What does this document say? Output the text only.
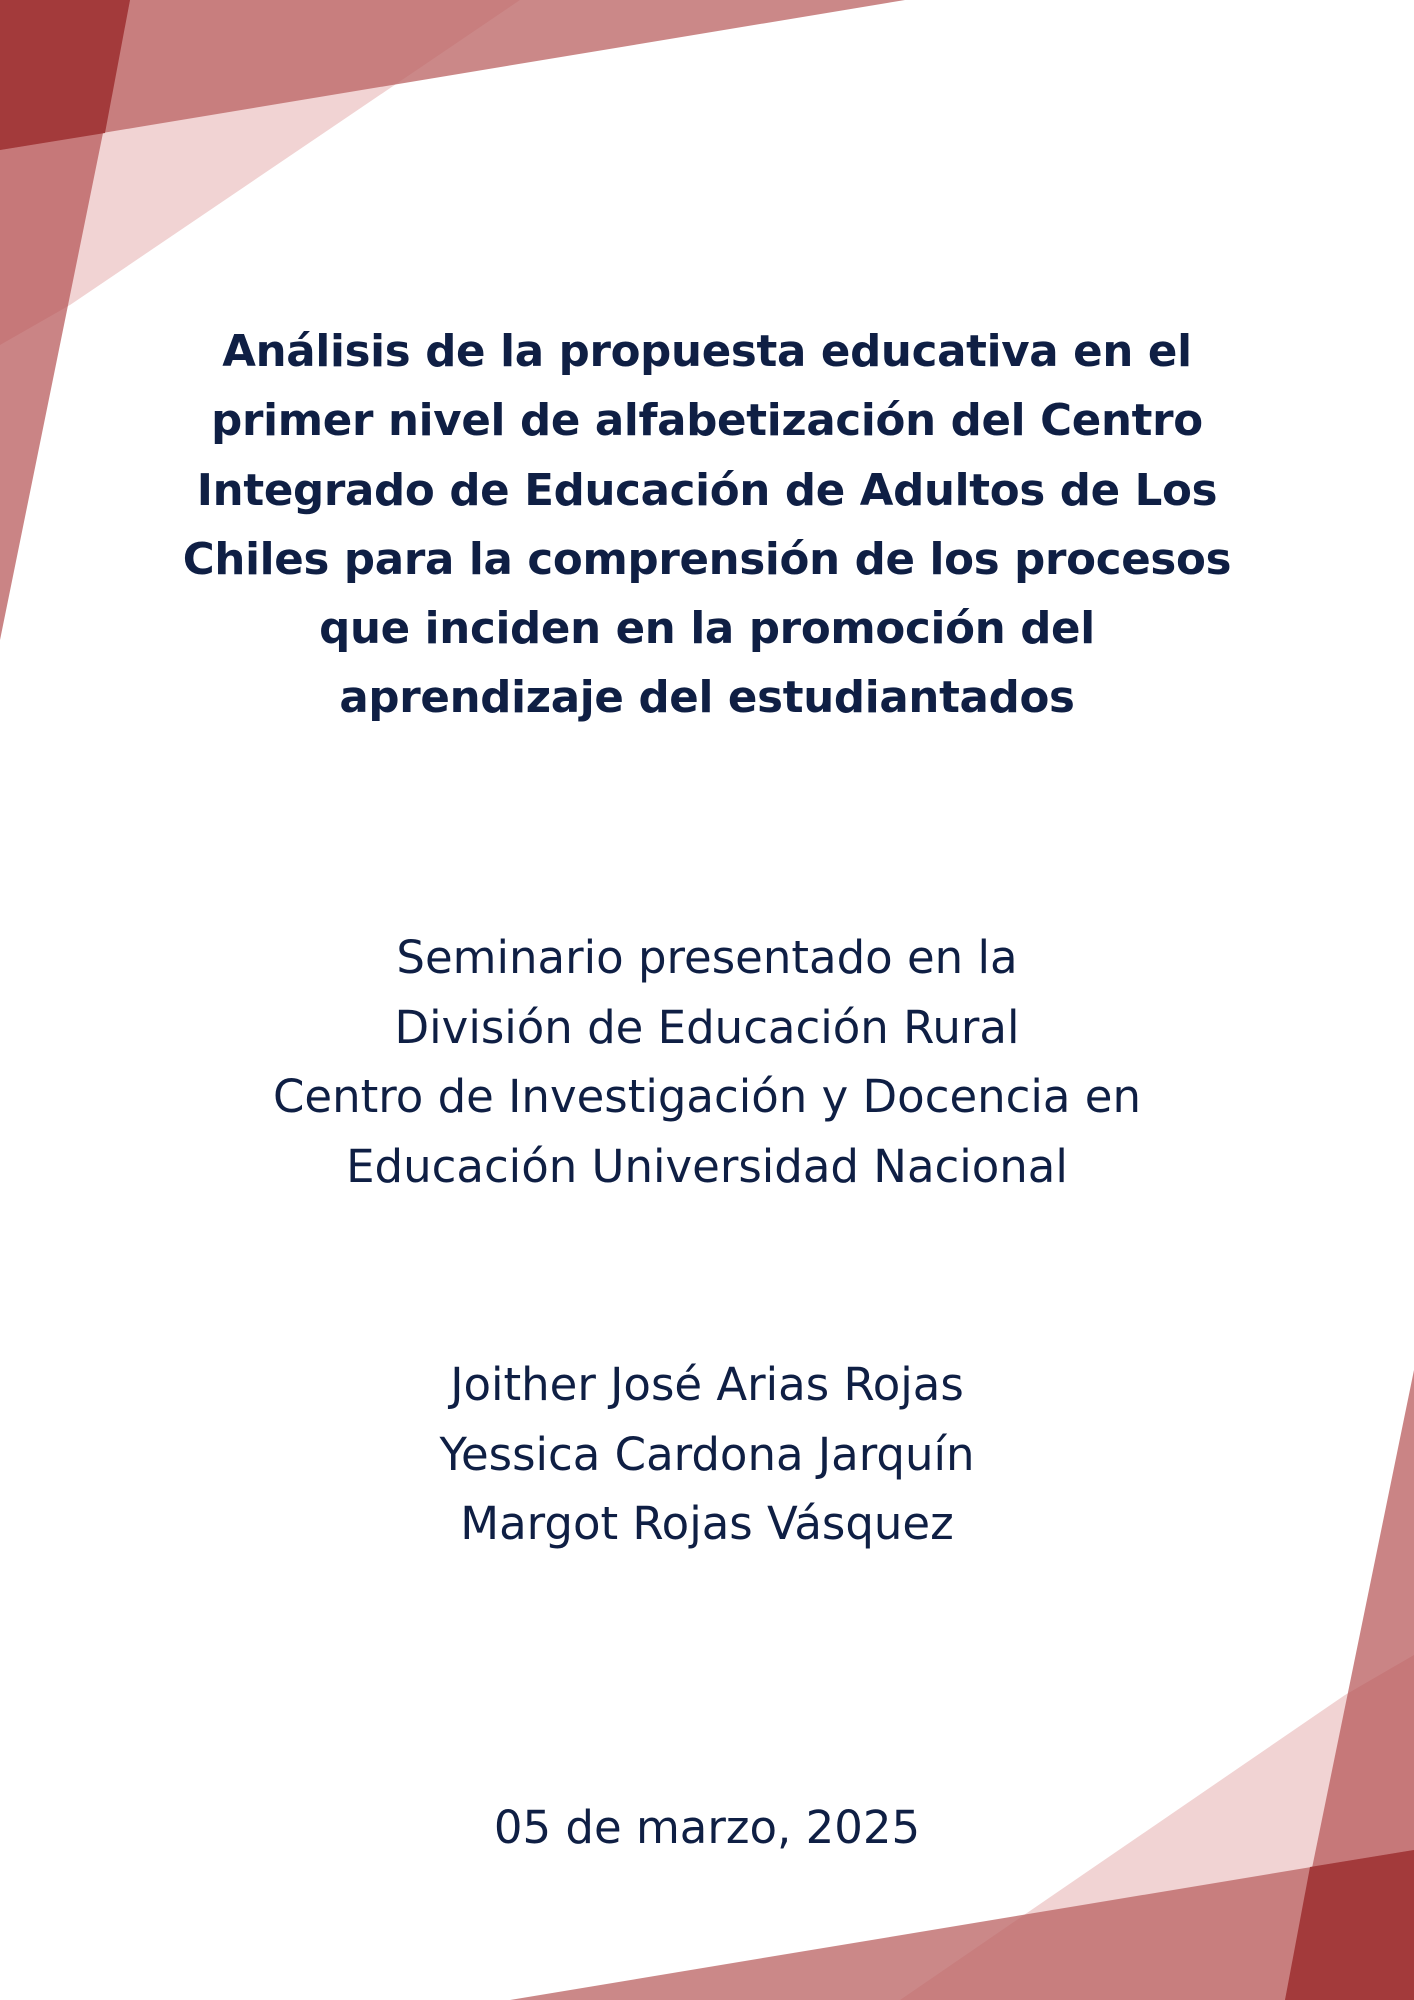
Análisis de la propuesta educativa en el
primer nivel de alfabetización del Centro
Integrado de Educación de Adultos de Los
Chiles para la comprensión de los procesos
que inciden en la promoción del
aprendizaje del estudiantados
Seminario presentado en la
División de Educación Rural
Centro de Investigación y Docencia en
Educación Universidad Nacional
Joither José Arias Rojas
Yessica Cardona Jarquín
Margot Rojas Vásquez
05 de marzo, 2025
